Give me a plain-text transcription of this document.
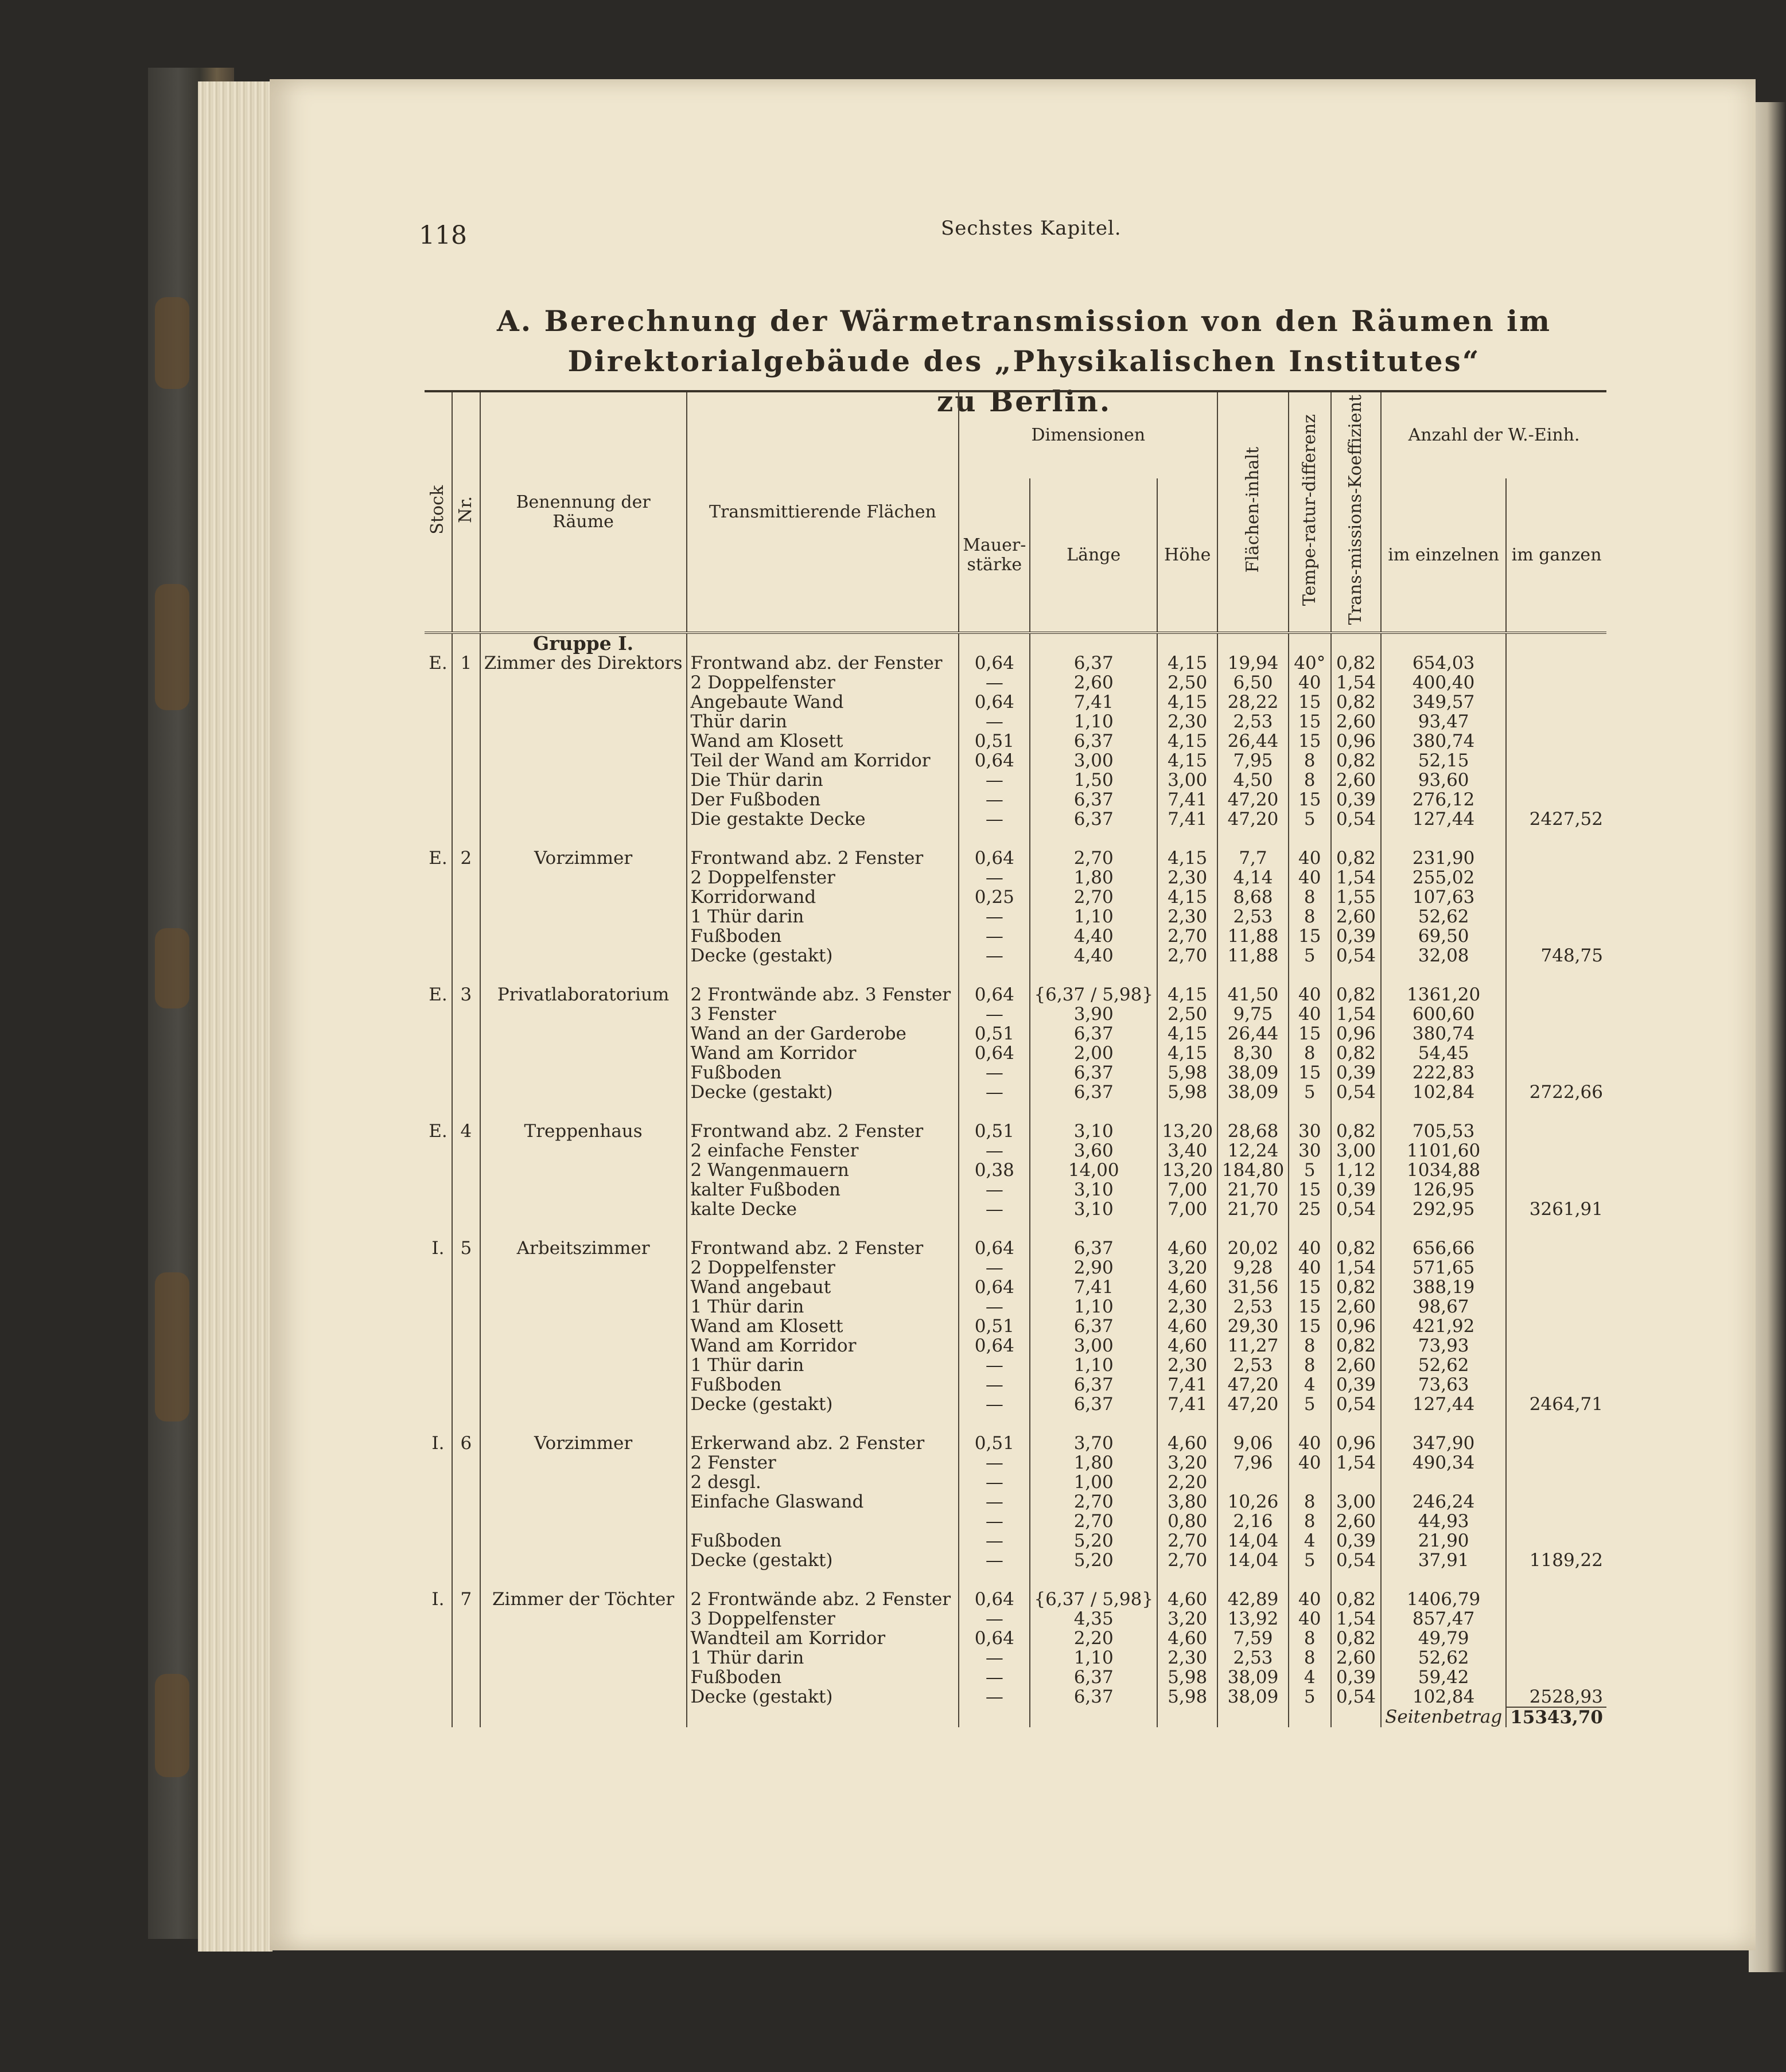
118	Sechstes Kapitel.
A. Berechnung der Wärmetransmission von den Räumen im Direktorialgebäude des „Physikalischen Institutes“
zu Berlin.
Stock	Nr.	Benennung der Räume	Transmittierende Flächen	Dimensionen			Flächen-inhalt	Tempe-ratur-differenz	Trans-missions-Koeffizient	Anzahl der W.-Einh.	
				Mauer-stärke	Länge	Höhe				im einzelnen	im ganzen
		Gruppe I.									
E.	1	Zimmer des Direktors	Frontwand abz. der Fenster	0,64	6,37	4,15	19,94	40°	0,82	654,03	
			2 Doppelfenster	—	2,60	2,50	6,50	40	1,54	400,40	
			Angebaute Wand	0,64	7,41	4,15	28,22	15	0,82	349,57	
			Thür darin	—	1,10	2,30	2,53	15	2,60	93,47	
			Wand am Klosett	0,51	6,37	4,15	26,44	15	0,96	380,74	
			Teil der Wand am Korridor	0,64	3,00	4,15	7,95	8	0,82	52,15	
			Die Thür darin	—	1,50	3,00	4,50	8	2,60	93,60	
			Der Fußboden	—	6,37	7,41	47,20	15	0,39	276,12	
			Die gestakte Decke	—	6,37	7,41	47,20	5	0,54	127,44	2427,52

E.	2	Vorzimmer	Frontwand abz. 2 Fenster	0,64	2,70	4,15	7,7	40	0,82	231,90	
			2 Doppelfenster	—	1,80	2,30	4,14	40	1,54	255,02	
			Korridorwand	0,25	2,70	4,15	8,68	8	1,55	107,63	
			1 Thür darin	—	1,10	2,30	2,53	8	2,60	52,62	
			Fußboden	—	4,40	2,70	11,88	15	0,39	69,50	
			Decke (gestakt)	—	4,40	2,70	11,88	5	0,54	32,08	748,75

E.	3	Privatlaboratorium	2 Frontwände abz. 3 Fenster	0,64	{6,37 / 5,98}	4,15	41,50	40	0,82	1361,20	
			3 Fenster	—	3,90	2,50	9,75	40	1,54	600,60	
			Wand an der Garderobe	0,51	6,37	4,15	26,44	15	0,96	380,74	
			Wand am Korridor	0,64	2,00	4,15	8,30	8	0,82	54,45	
			Fußboden	—	6,37	5,98	38,09	15	0,39	222,83	
			Decke (gestakt)	—	6,37	5,98	38,09	5	0,54	102,84	2722,66

E.	4	Treppenhaus	Frontwand abz. 2 Fenster	0,51	3,10	13,20	28,68	30	0,82	705,53	
			2 einfache Fenster	—	3,60	3,40	12,24	30	3,00	1101,60	
			2 Wangenmauern	0,38	14,00	13,20	184,80	5	1,12	1034,88	
			kalter Fußboden	—	3,10	7,00	21,70	15	0,39	126,95	
			kalte Decke	—	3,10	7,00	21,70	25	0,54	292,95	3261,91

I.	5	Arbeitszimmer	Frontwand abz. 2 Fenster	0,64	6,37	4,60	20,02	40	0,82	656,66	
			2 Doppelfenster	—	2,90	3,20	9,28	40	1,54	571,65	
			Wand angebaut	0,64	7,41	4,60	31,56	15	0,82	388,19	
			1 Thür darin	—	1,10	2,30	2,53	15	2,60	98,67	
			Wand am Klosett	0,51	6,37	4,60	29,30	15	0,96	421,92	
			Wand am Korridor	0,64	3,00	4,60	11,27	8	0,82	73,93	
			1 Thür darin	—	1,10	2,30	2,53	8	2,60	52,62	
			Fußboden	—	6,37	7,41	47,20	4	0,39	73,63	
			Decke (gestakt)	—	6,37	7,41	47,20	5	0,54	127,44	2464,71

I.	6	Vorzimmer	Erkerwand abz. 2 Fenster	0,51	3,70	4,60	9,06	40	0,96	347,90	
			2 Fenster	—	1,80	3,20	7,96	40	1,54	490,34	
			2 desgl.	—	1,00	2,20					
			Einfache Glaswand	—	2,70	3,80	10,26	8	3,00	246,24	
				—	2,70	0,80	2,16	8	2,60	44,93	
			Fußboden	—	5,20	2,70	14,04	4	0,39	21,90	
			Decke (gestakt)	—	5,20	2,70	14,04	5	0,54	37,91	1189,22

I.	7	Zimmer der Töchter	2 Frontwände abz. 2 Fenster	0,64	{6,37 / 5,98}	4,60	42,89	40	0,82	1406,79	
			3 Doppelfenster	—	4,35	3,20	13,92	40	1,54	857,47	
			Wandteil am Korridor	0,64	2,20	4,60	7,59	8	0,82	49,79	
			1 Thür darin	—	1,10	2,30	2,53	8	2,60	52,62	
			Fußboden	—	6,37	5,98	38,09	4	0,39	59,42	
			Decke (gestakt)	—	6,37	5,98	38,09	5	0,54	102,84	2528,93
										Seitenbetrag	15343,70
